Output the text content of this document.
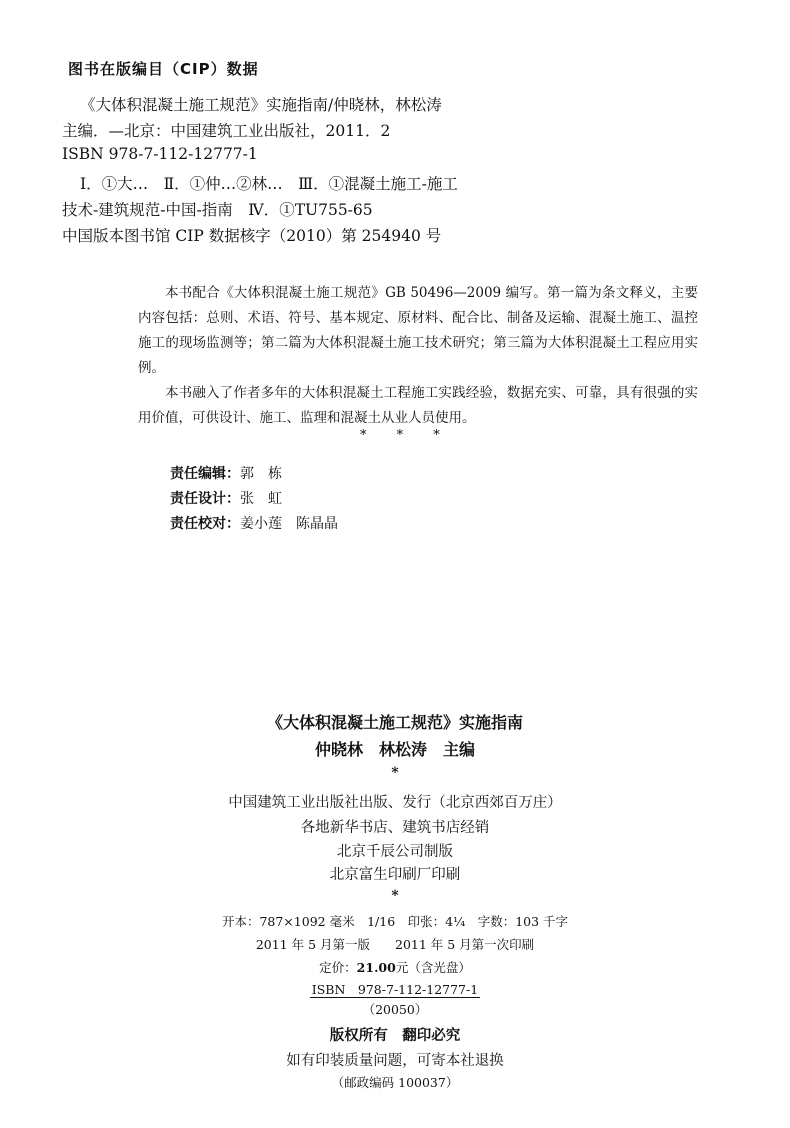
图书在版编目（CIP）数据
《大体积混凝土施工规范》实施指南/仲晓林，林松涛
主编．—北京：中国建筑工业出版社，2011．2
ISBN 978-7-112-12777-1
Ⅰ．①大…　Ⅱ．①仲…②林…　Ⅲ．①混凝土施工-施工
技术-建筑规范-中国-指南　Ⅳ．①TU755-65
中国版本图书馆 CIP 数据核字（2010）第 254940 号

本书配合《大体积混凝土施工规范》GB 50496—2009 编写。第一篇为条文释义，主要内容包括：总则、术语、符号、基本规定、原材料、配合比、制备及运输、混凝土施工、温控施工的现场监测等；第二篇为大体积混凝土施工技术研究；第三篇为大体积混凝土工程应用实例。

本书融入了作者多年的大体积混凝土工程施工实践经验，数据充实、可靠，具有很强的实用价值，可供设计、施工、监理和混凝土从业人员使用。

* * *
责任编辑：郭　栋
责任设计：张　虹
责任校对：姜小莲　陈晶晶
《大体积混凝土施工规范》实施指南
仲晓林　林松涛　主编
*
中国建筑工业出版社出版、发行（北京西郊百万庄）
各地新华书店、建筑书店经销
北京千辰公司制版
北京富生印刷厂印刷
*
开本：787×1092 毫米　1/16　印张：4¼　字数：103 千字
2011 年 5 月第一版　　2011 年 5 月第一次印刷
定价：21.00元（含光盘）
ISBN　978-7-112-12777-1
（20050）
版权所有　翻印必究
如有印装质量问题，可寄本社退换
（邮政编码 100037）
